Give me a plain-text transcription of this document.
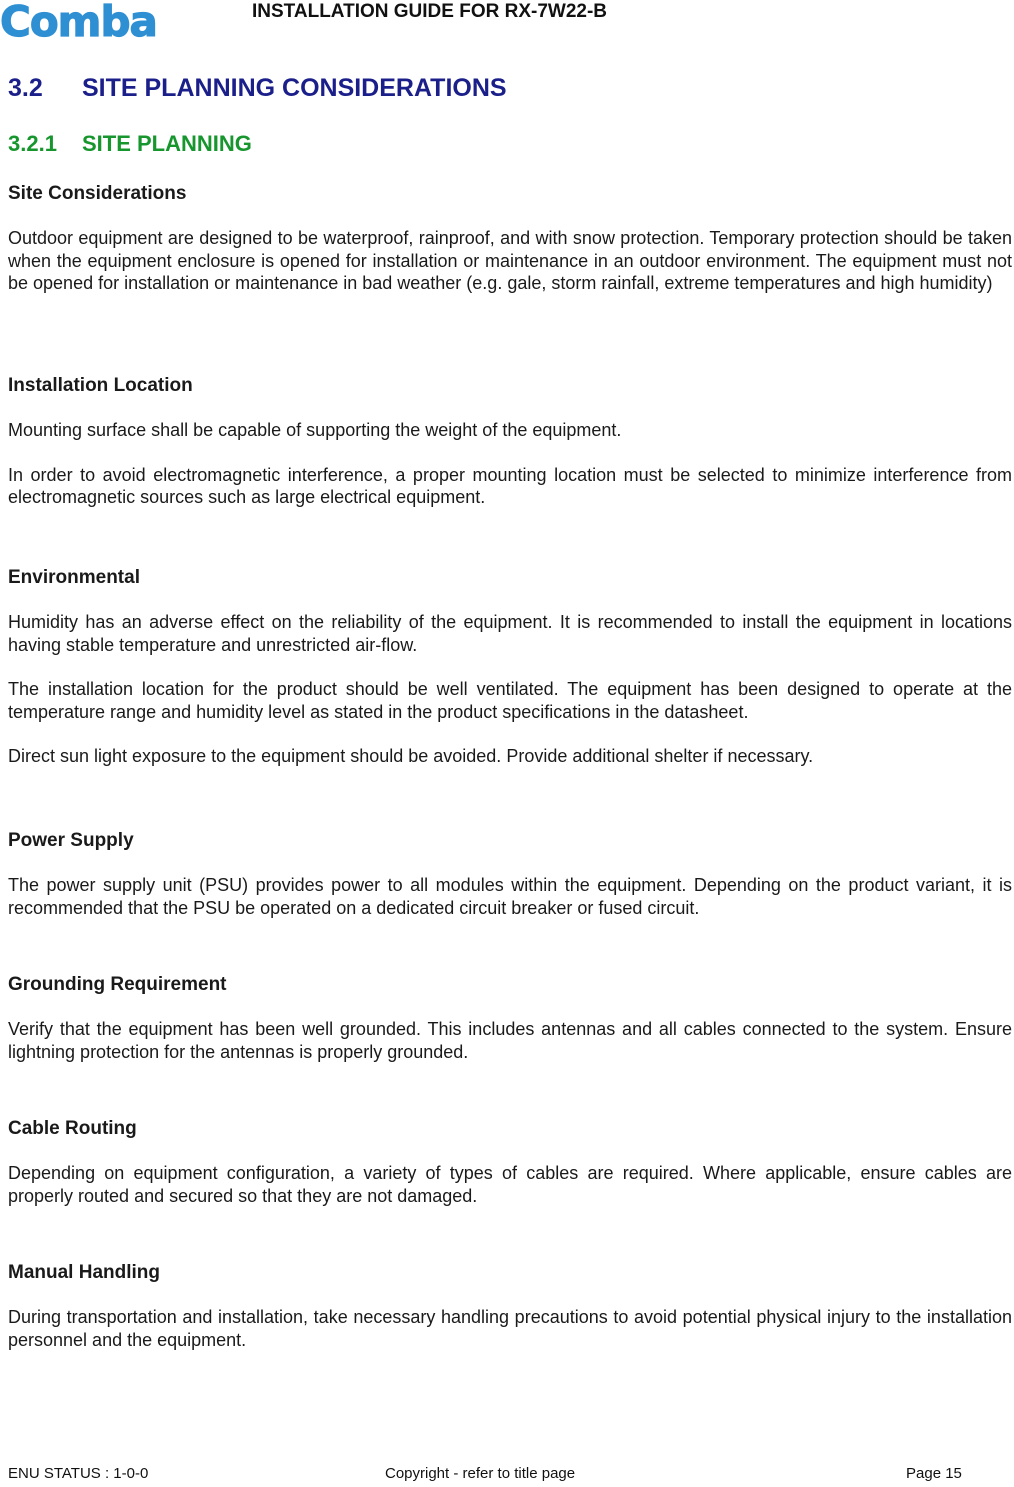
Comba	INSTALLATION GUIDE FOR RX-7W22-B
3.2 SITE PLANNING CONSIDERATIONS
3.2.1 SITE PLANNING
Site Considerations

Outdoor equipment are designed to be waterproof, rainproof, and with snow protection. Temporary protection should be taken when the equipment enclosure is opened for installation or maintenance in an outdoor environment. The equipment must not be opened for installation or maintenance in bad weather (e.g. gale, storm rainfall, extreme temperatures and high humidity)

Installation Location

Mounting surface shall be capable of supporting the weight of the equipment.

In order to avoid electromagnetic interference, a proper mounting location must be selected to minimize interference from electromagnetic sources such as large electrical equipment.

Environmental

Humidity has an adverse effect on the reliability of the equipment. It is recommended to install the equipment in locations having stable temperature and unrestricted air-flow.

The installation location for the product should be well ventilated. The equipment has been designed to operate at the temperature range and humidity level as stated in the product specifications in the datasheet.

Direct sun light exposure to the equipment should be avoided. Provide additional shelter if necessary.

Power Supply

The power supply unit (PSU) provides power to all modules within the equipment. Depending on the product variant, it is recommended that the PSU be operated on a dedicated circuit breaker or fused circuit.

Grounding Requirement

Verify that the equipment has been well grounded. This includes antennas and all cables connected to the system. Ensure lightning protection for the antennas is properly grounded.

Cable Routing

Depending on equipment configuration, a variety of types of cables are required. Where applicable, ensure cables are properly routed and secured so that they are not damaged.

Manual Handling

During transportation and installation, take necessary handling precautions to avoid potential physical injury to the installation personnel and the equipment.

ENU STATUS : 1-0-0	Copyright - refer to title page	Page 15
